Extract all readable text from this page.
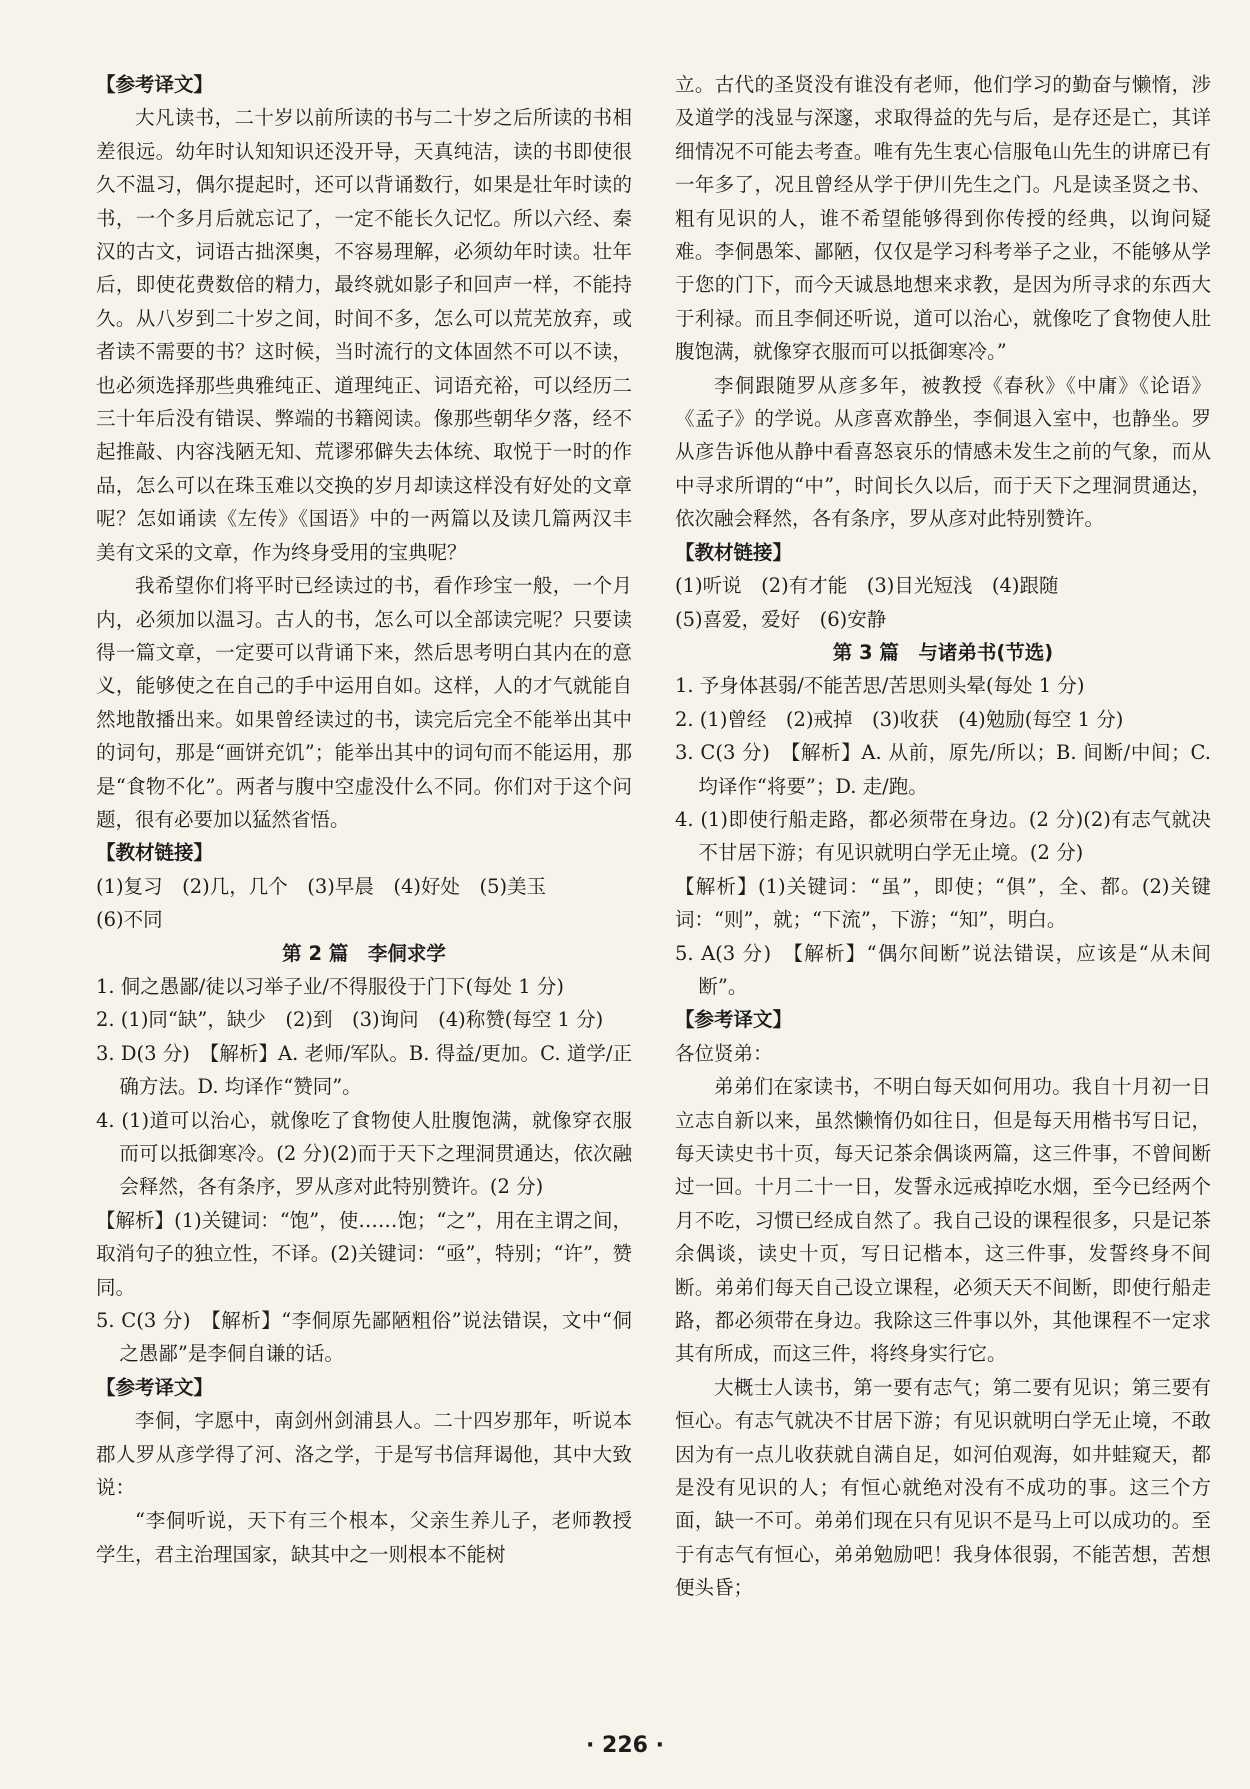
【参考译文】

大凡读书，二十岁以前所读的书与二十岁之后所读的书相差很远。幼年时认知知识还没开导，天真纯洁，读的书即使很久不温习，偶尔提起时，还可以背诵数行，如果是壮年时读的书，一个多月后就忘记了，一定不能长久记忆。所以六经、秦汉的古文，词语古拙深奥，不容易理解，必须幼年时读。壮年后，即使花费数倍的精力，最终就如影子和回声一样，不能持久。从八岁到二十岁之间，时间不多，怎么可以荒芜放弃，或者读不需要的书？这时候，当时流行的文体固然不可以不读，也必须选择那些典雅纯正、道理纯正、词语充裕，可以经历二三十年后没有错误、弊端的书籍阅读。像那些朝华夕落，经不起推敲、内容浅陋无知、荒谬邪僻失去体统、取悦于一时的作品，怎么可以在珠玉难以交换的岁月却读这样没有好处的文章呢？怎如诵读《左传》《国语》中的一两篇以及读几篇两汉丰美有文采的文章，作为终身受用的宝典呢？

我希望你们将平时已经读过的书，看作珍宝一般，一个月内，必须加以温习。古人的书，怎么可以全部读完呢？只要读得一篇文章，一定要可以背诵下来，然后思考明白其内在的意义，能够使之在自己的手中运用自如。这样，人的才气就能自然地散播出来。如果曾经读过的书，读完后完全不能举出其中的词句，那是“画饼充饥”；能举出其中的词句而不能运用，那是“食物不化”。两者与腹中空虚没什么不同。你们对于这个问题，很有必要加以猛然省悟。

【教材链接】
(1)复习　(2)几，几个　(3)早晨　(4)好处　(5)美玉
(6)不同
第 2 篇　李侗求学
1. 侗之愚鄙/徒以习举子业/不得服役于门下(每处 1 分)
2. (1)同“缺”，缺少　(2)到　(3)询问　(4)称赞(每空 1 分)
3. D(3 分)　【解析】A. 老师/军队。B. 得益/更加。C. 道学/正确方法。D. 均译作“赞同”。
4. (1)道可以治心，就像吃了食物使人肚腹饱满，就像穿衣服而可以抵御寒冷。(2 分)(2)而于天下之理洞贯通达，依次融会释然，各有条序，罗从彦对此特别赞许。(2 分)
【解析】(1)关键词：“饱”，使……饱；“之”，用在主谓之间，取消句子的独立性，不译。(2)关键词：“亟”，特别；“许”，赞同。
5. C(3 分)　【解析】“李侗原先鄙陋粗俗”说法错误，文中“侗之愚鄙”是李侗自谦的话。
【参考译文】

李侗，字愿中，南剑州剑浦县人。二十四岁那年，听说本郡人罗从彦学得了河、洛之学，于是写书信拜谒他，其中大致说：

“李侗听说，天下有三个根本，父亲生养儿子，老师教授学生，君主治理国家，缺其中之一则根本不能树

立。古代的圣贤没有谁没有老师，他们学习的勤奋与懒惰，涉及道学的浅显与深邃，求取得益的先与后，是存还是亡，其详细情况不可能去考查。唯有先生衷心信服龟山先生的讲席已有一年多了，况且曾经从学于伊川先生之门。凡是读圣贤之书、粗有见识的人，谁不希望能够得到你传授的经典，以询问疑难。李侗愚笨、鄙陋，仅仅是学习科考举子之业，不能够从学于您的门下，而今天诚恳地想来求教，是因为所寻求的东西大于利禄。而且李侗还听说，道可以治心，就像吃了食物使人肚腹饱满，就像穿衣服而可以抵御寒冷。”

李侗跟随罗从彦多年，被教授《春秋》《中庸》《论语》《孟子》的学说。从彦喜欢静坐，李侗退入室中，也静坐。罗从彦告诉他从静中看喜怒哀乐的情感未发生之前的气象，而从中寻求所谓的“中”，时间长久以后，而于天下之理洞贯通达，依次融会释然，各有条序，罗从彦对此特别赞许。

【教材链接】
(1)听说　(2)有才能　(3)目光短浅　(4)跟随
(5)喜爱，爱好　(6)安静
第 3 篇　与诸弟书(节选)
1. 予身体甚弱/不能苦思/苦思则头晕(每处 1 分)
2. (1)曾经　(2)戒掉　(3)收获　(4)勉励(每空 1 分)
3. C(3 分)　【解析】A. 从前，原先/所以；B. 间断/中间；C. 均译作“将要”；D. 走/跑。
4. (1)即使行船走路，都必须带在身边。(2 分)(2)有志气就决不甘居下游；有见识就明白学无止境。(2 分)
【解析】(1)关键词：“虽”，即使；“俱”，全、都。(2)关键词：“则”，就；“下流”，下游；“知”，明白。
5. A(3 分)　【解析】“偶尔间断”说法错误，应该是“从未间断”。
【参考译文】
各位贤弟：

弟弟们在家读书，不明白每天如何用功。我自十月初一日立志自新以来，虽然懒惰仍如往日，但是每天用楷书写日记，每天读史书十页，每天记茶余偶谈两篇，这三件事，不曾间断过一回。十月二十一日，发誓永远戒掉吃水烟，至今已经两个月不吃，习惯已经成自然了。我自己设的课程很多，只是记茶余偶谈，读史十页，写日记楷本，这三件事，发誓终身不间断。弟弟们每天自己设立课程，必须天天不间断，即使行船走路，都必须带在身边。我除这三件事以外，其他课程不一定求其有所成，而这三件，将终身实行它。

大概士人读书，第一要有志气；第二要有见识；第三要有恒心。有志气就决不甘居下游；有见识就明白学无止境，不敢因为有一点儿收获就自满自足，如河伯观海，如井蛙窥天，都是没有见识的人；有恒心就绝对没有不成功的事。这三个方面，缺一不可。弟弟们现在只有见识不是马上可以成功的。至于有志气有恒心，弟弟勉励吧！我身体很弱，不能苦想，苦想便头昏；

· 226 ·
